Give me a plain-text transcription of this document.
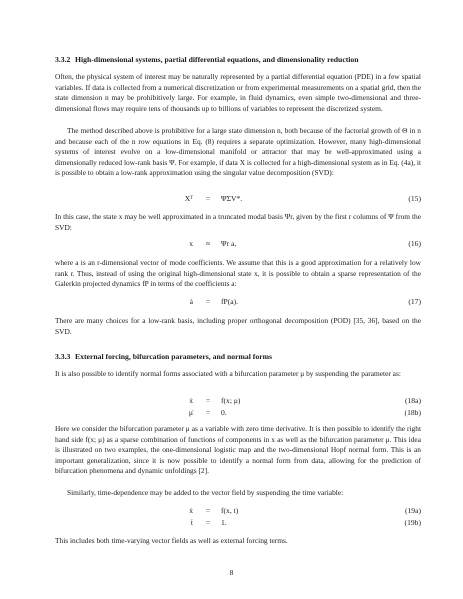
3.3.2 High-dimensional systems, partial differential equations, and dimensionality reduction

Often, the physical system of interest may be naturally represented by a partial differential equation (PDE) in a few spatial variables. If data is collected from a numerical discretization or from experimental measurements on a spatial grid, then the state dimension n may be prohibitively large. For example, in fluid dynamics, even simple two-dimensional and three-dimensional flows may require tens of thousands up to billions of variables to represent the discretized system.

The method described above is prohibitive for a large state dimension n, both because of the factorial growth of Θ in n and because each of the n row equations in Eq. (8) requires a separate optimization. However, many high-dimensional systems of interest evolve on a low-dimensional manifold or attractor that may be well-approximated using a dimensionally reduced low-rank basis Ψ. For example, if data X is collected for a high-dimensional system as in Eq. (4a), it is possible to obtain a low-rank approximation using the singular value decomposition (SVD):

Xᵀ	=	ΨΣV*.	(15)

In this case, the state x may be well approximated in a truncated modal basis Ψr, given by the first r columns of Ψ from the SVD:

x	≈	Ψr a,	(16)

where a is an r-dimensional vector of mode coefficients. We assume that this is a good approximation for a relatively low rank r. Thus, instead of using the original high-dimensional state x, it is possible to obtain a sparse representation of the Galerkin projected dynamics fP in terms of the coefficients a:

ȧ	=	fP(a).	(17)

There are many choices for a low-rank basis, including proper orthogonal decomposition (POD) [35, 36], based on the SVD.

3.3.3 External forcing, bifurcation parameters, and normal forms

It is also possible to identify normal forms associated with a bifurcation parameter μ by suspending the parameter as:

ẋ	=	f(x; μ)	(18a)
μ̇	=	0.	(18b)

Here we consider the bifurcation parameter μ as a variable with zero time derivative. It is then possible to identify the right hand side f(x; μ) as a sparse combination of functions of components in x as well as the bifurcation parameter μ. This idea is illustrated on two examples, the one-dimensional logistic map and the two-dimensional Hopf normal form. This is an important generalization, since it is now possible to identify a normal form from data, allowing for the prediction of bifurcation phenomena and dynamic unfoldings [2].

Similarly, time-dependence may be added to the vector field by suspending the time variable:

ẋ	=	f(x, t)	(19a)
ṫ	=	1.	(19b)

This includes both time-varying vector fields as well as external forcing terms.

8
